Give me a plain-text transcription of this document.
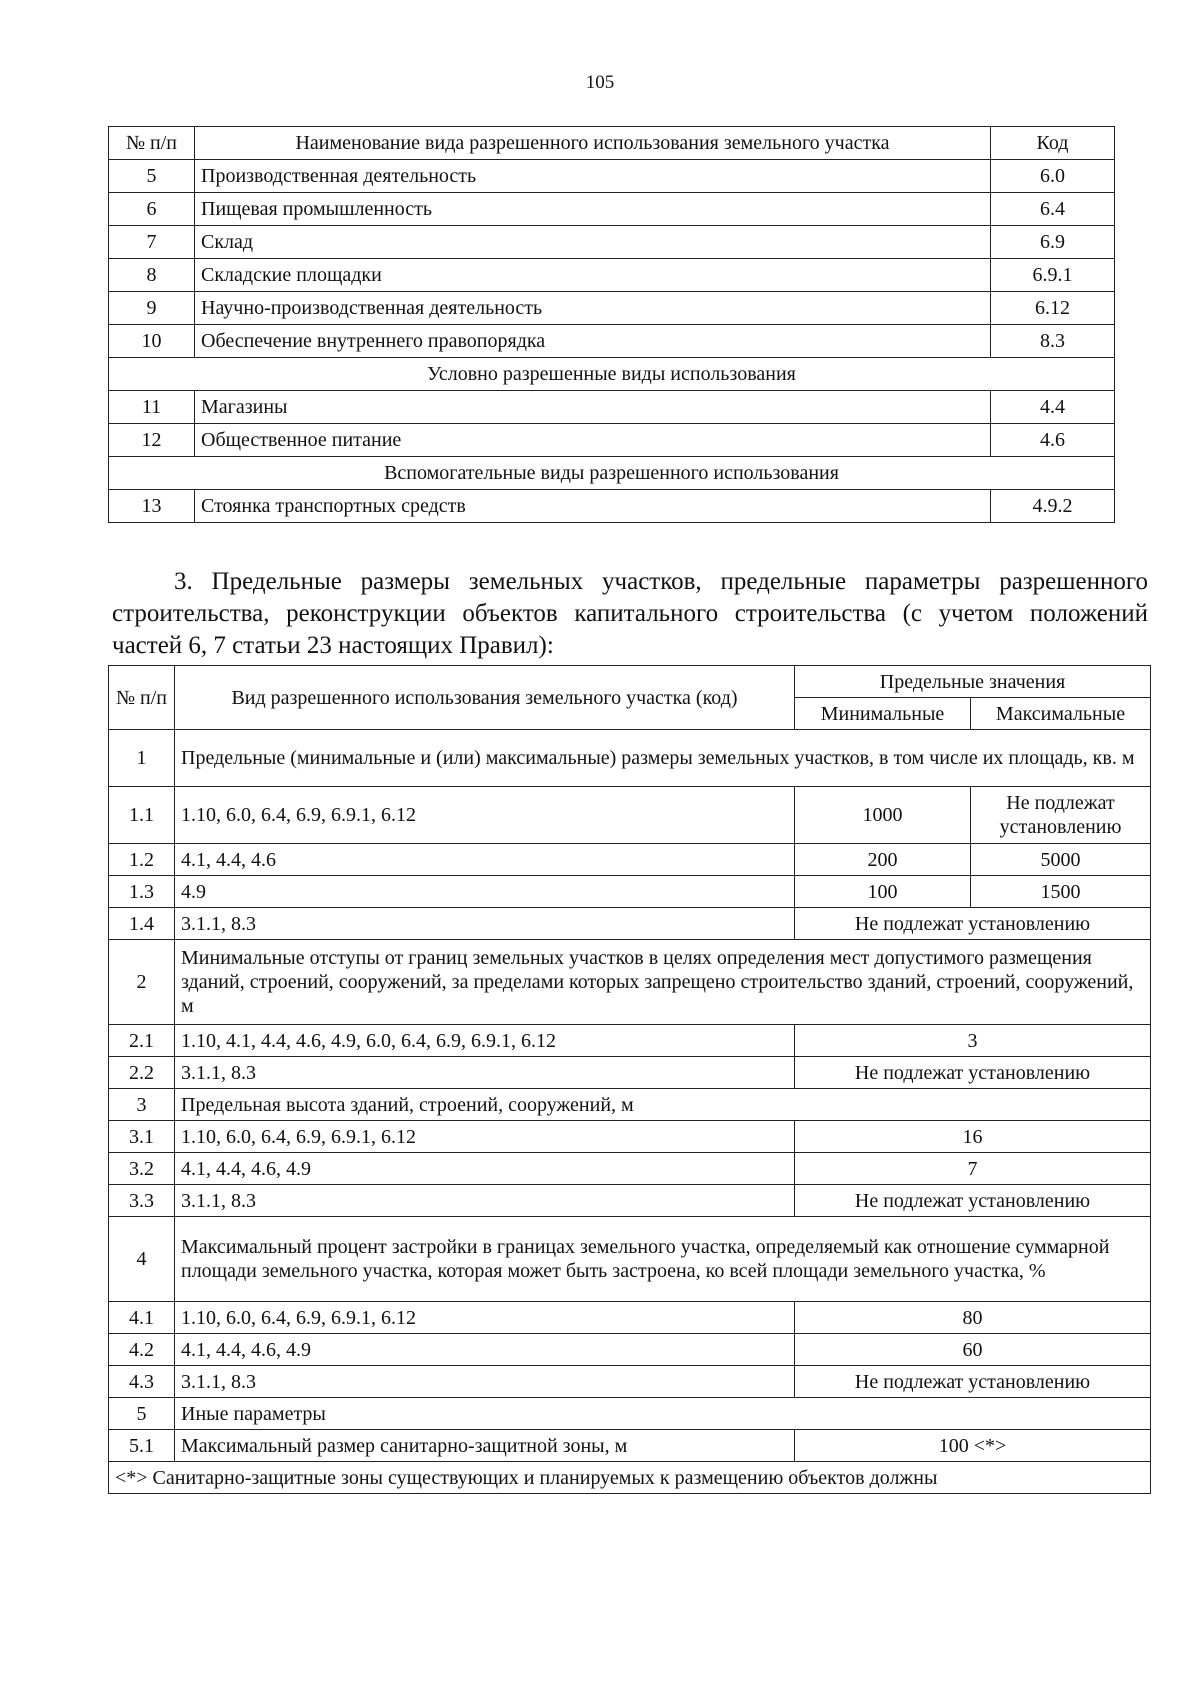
105
№ п/п	Наименование вида разрешенного использования земельного участка	Код
5	Производственная деятельность	6.0
6	Пищевая промышленность	6.4
7	Склад	6.9
8	Складские площадки	6.9.1
9	Научно-производственная деятельность	6.12
10	Обеспечение внутреннего правопорядка	8.3
Условно разрешенные виды использования		
11	Магазины	4.4
12	Общественное питание	4.6
Вспомогательные виды разрешенного использования		
13	Стоянка транспортных средств	4.9.2
3. Предельные размеры земельных участков, предельные параметры разрешенного строительства, реконструкции объектов капитального строительства (с учетом положений частей 6, 7 статьи 23 настоящих Правил):
№ п/п	Вид разрешенного использования земельного участка (код)	Предельные значения	
		Минимальные	Максимальные
1	Предельные (минимальные и (или) максимальные) размеры земельных участков, в том числе их площадь, кв. м		
1.1	1.10, 6.0, 6.4, 6.9, 6.9.1, 6.12	1000	Не подлежат установлению
1.2	4.1, 4.4, 4.6	200	5000
1.3	4.9	100	1500
1.4	3.1.1, 8.3	Не подлежат установлению	
2	Минимальные отступы от границ земельных участков в целях определения мест допустимого размещения зданий, строений, сооружений, за пределами которых запрещено строительство зданий, строений, сооружений, м		
2.1	1.10, 4.1, 4.4, 4.6, 4.9, 6.0, 6.4, 6.9, 6.9.1, 6.12	3	
2.2	3.1.1, 8.3	Не подлежат установлению	
3	Предельная высота зданий, строений, сооружений, м		
3.1	1.10, 6.0, 6.4, 6.9, 6.9.1, 6.12	16	
3.2	4.1, 4.4, 4.6, 4.9	7	
3.3	3.1.1, 8.3	Не подлежат установлению	
4	Максимальный процент застройки в границах земельного участка, определяемый как отношение суммарной площади земельного участка, которая может быть застроена, ко всей площади земельного участка, %		
4.1	1.10, 6.0, 6.4, 6.9, 6.9.1, 6.12	80	
4.2	4.1, 4.4, 4.6, 4.9	60	
4.3	3.1.1, 8.3	Не подлежат установлению	
5	Иные параметры		
5.1	Максимальный размер санитарно-защитной зоны, м	100 <*>	
<*> Санитарно-защитные зоны существующих и планируемых к размещению объектов должны			
